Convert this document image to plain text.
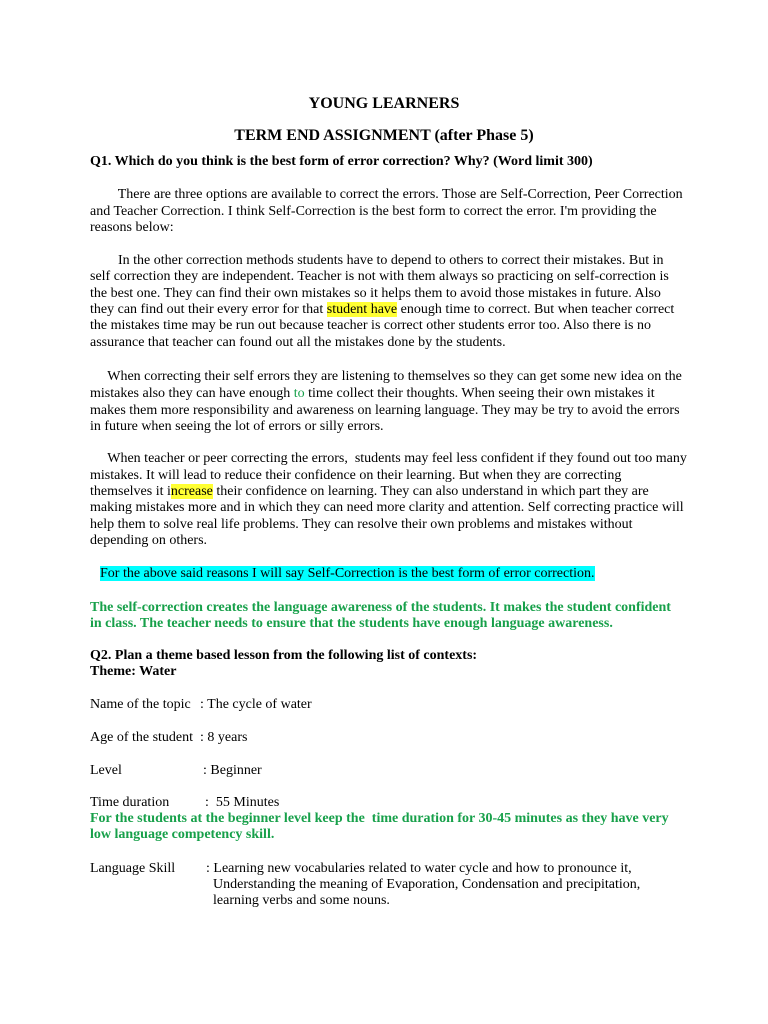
YOUNG LEARNERS
TERM END ASSIGNMENT (after Phase 5)
Q1. Which do you think is the best form of error correction? Why? (Word limit 300)
There are three options are available to correct the errors. Those are Self-Correction, Peer Correction
and Teacher Correction. I think Self-Correction is the best form to correct the error. I'm providing the
reasons below:
In the other correction methods students have to depend to others to correct their mistakes. But in
self correction they are independent. Teacher is not with them always so practicing on self-correction is
the best one. They can find their own mistakes so it helps them to avoid those mistakes in future. Also
they can find out their every error for that student have enough time to correct. But when teacher correct
the mistakes time may be run out because teacher is correct other students error too. Also there is no
assurance that teacher can found out all the mistakes done by the students.
When correcting their self errors they are listening to themselves so they can get some new idea on the
mistakes also they can have enough to time collect their thoughts. When seeing their own mistakes it
makes them more responsibility and awareness on learning language. They may be try to avoid the errors
in future when seeing the lot of errors or silly errors.
When teacher or peer correcting the errors,  students may feel less confident if they found out too many
mistakes. It will lead to reduce their confidence on their learning. But when they are correcting
themselves it increase their confidence on learning. They can also understand in which part they are
making mistakes more and in which they can need more clarity and attention. Self correcting practice will
help them to solve real life problems. They can resolve their own problems and mistakes without
depending on others.
For the above said reasons I will say Self-Correction is the best form of error correction.
The self-correction creates the language awareness of the students. It makes the student confident
in class. The teacher needs to ensure that the students have enough language awareness.
Q2. Plan a theme based lesson from the following list of contexts:
Theme: Water
Name of the topic : The cycle of water
Age of the student : 8 years
Level	: Beginner
Time duration	:  55 Minutes
For the students at the beginner level keep the  time duration for 30-45 minutes as they have very
low language competency skill.
Language Skill : Learning new vocabularies related to water cycle and how to pronounce it,
Understanding the meaning of Evaporation, Condensation and precipitation,
learning verbs and some nouns.
